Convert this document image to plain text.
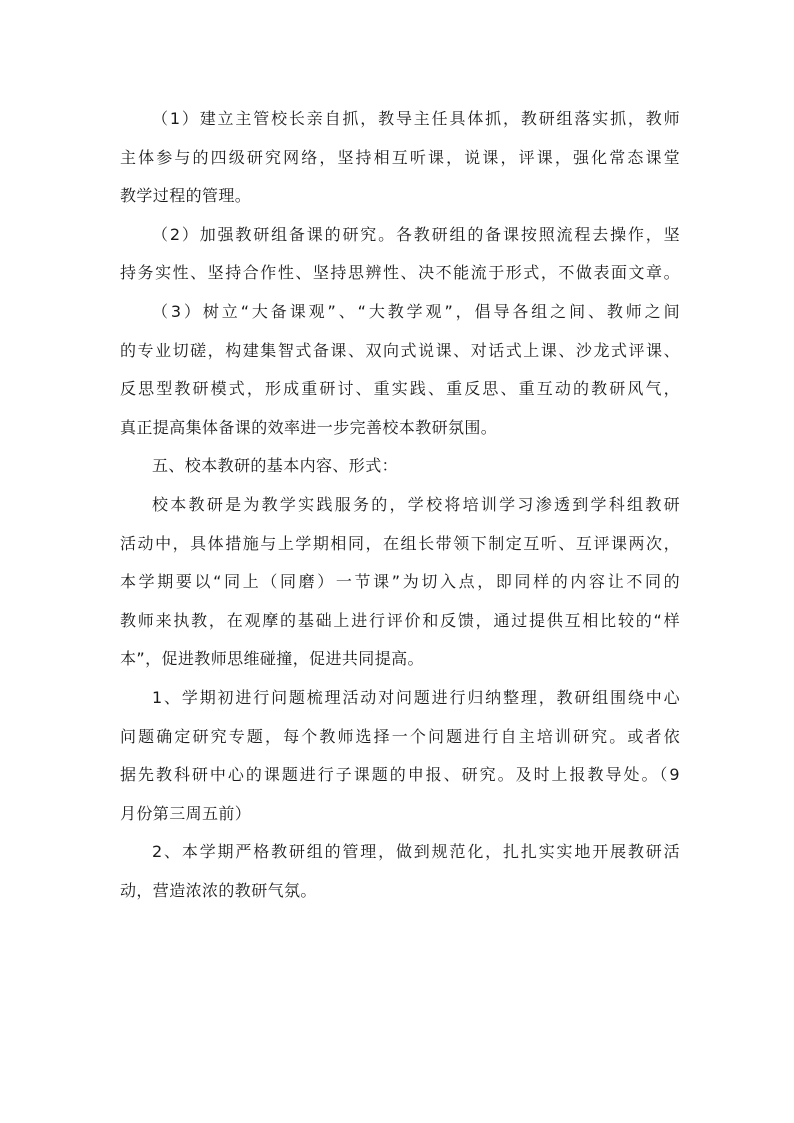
（1）建立主管校长亲自抓，教导主任具体抓，教研组落实抓，教师
主体参与的四级研究网络，坚持相互听课，说课，评课，强化常态课堂
教学过程的管理。
（2）加强教研组备课的研究。各教研组的备课按照流程去操作，坚
持务实性、坚持合作性、坚持思辨性、决不能流于形式，不做表面文章。
（3）树立“大备课观”、“大教学观”，倡导各组之间、教师之间
的专业切磋，构建集智式备课、双向式说课、对话式上课、沙龙式评课、
反思型教研模式，形成重研讨、重实践、重反思、重互动的教研风气，
真正提高集体备课的效率进一步完善校本教研氛围。
五、校本教研的基本内容、形式：
校本教研是为教学实践服务的，学校将培训学习渗透到学科组教研
活动中，具体措施与上学期相同，在组长带领下制定互听、互评课两次，
本学期要以“同上（同磨）一节课”为切入点，即同样的内容让不同的
教师来执教，在观摩的基础上进行评价和反馈，通过提供互相比较的“样
本”，促进教师思维碰撞，促进共同提高。
1、学期初进行问题梳理活动对问题进行归纳整理，教研组围绕中心
问题确定研究专题，每个教师选择一个问题进行自主培训研究。或者依
据先教科研中心的课题进行子课题的申报、研究。及时上报教导处。（9
月份第三周五前）
2、本学期严格教研组的管理，做到规范化，扎扎实实地开展教研活
动，营造浓浓的教研气氛。
